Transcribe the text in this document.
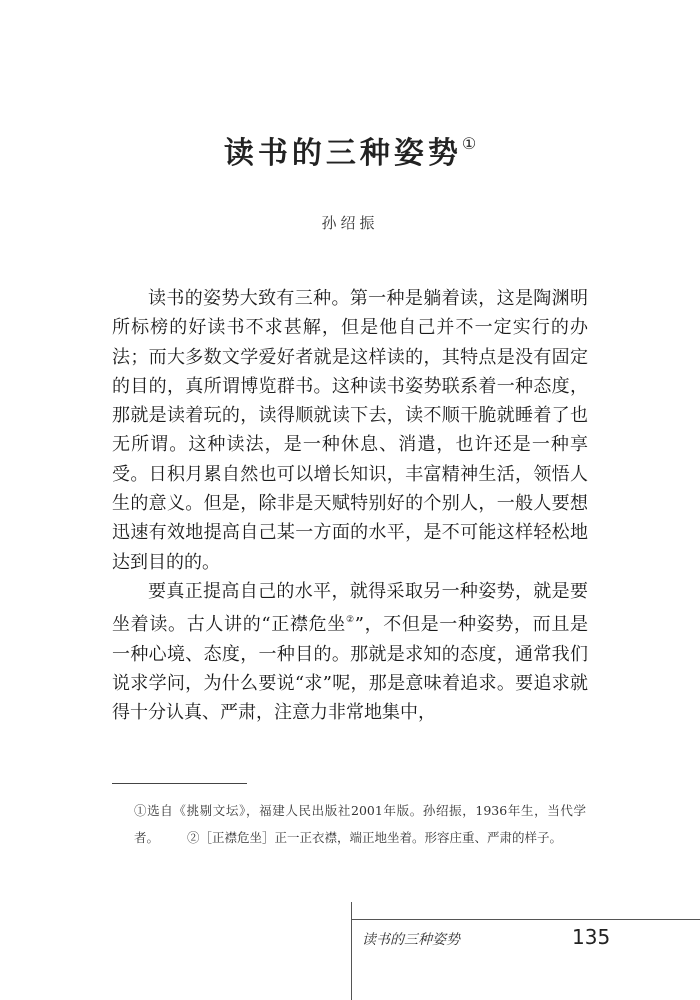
读书的三种姿势①
孙绍振

读书的姿势大致有三种。第一种是躺着读，这是陶渊明所标榜的好读书不求甚解，但是他自己并不一定实行的办法；而大多数文学爱好者就是这样读的，其特点是没有固定的目的，真所谓博览群书。这种读书姿势联系着一种态度，那就是读着玩的，读得顺就读下去，读不顺干脆就睡着了也无所谓。这种读法，是一种休息、消遣，也许还是一种享受。日积月累自然也可以增长知识，丰富精神生活，领悟人生的意义。但是，除非是天赋特别好的个别人，一般人要想迅速有效地提高自己某一方面的水平，是不可能这样轻松地达到目的的。

要真正提高自己的水平，就得采取另一种姿势，就是要坐着读。古人讲的“正襟危坐②”，不但是一种姿势，而且是一种心境、态度，一种目的。那就是求知的态度，通常我们说求学问，为什么要说“求”呢，那是意味着追求。要追求就得十分认真、严肃，注意力非常地集中，

①选自《挑剔文坛》，福建人民出版社2001年版。孙绍振，1936年生，当代学者。 ②［正襟危坐］正一正衣襟，端正地坐着。形容庄重、严肃的样子。

读书的三种姿势	135
